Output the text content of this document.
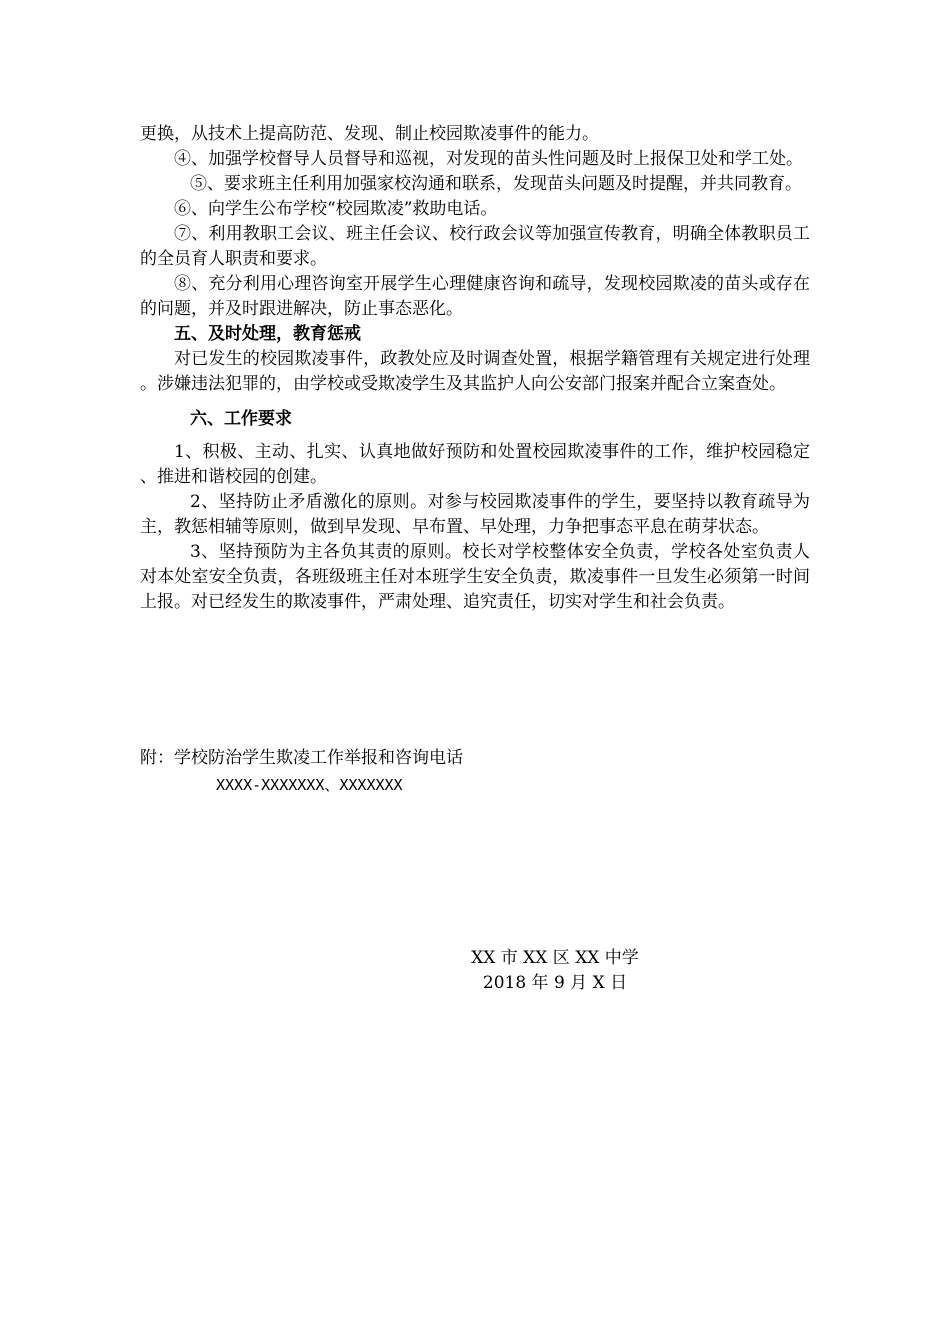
更换，从技术上提高防范、发现、制止校园欺凌事件的能力。

④、加强学校督导人员督导和巡视，对发现的苗头性问题及时上报保卫处和学工处。

⑤、要求班主任利用加强家校沟通和联系，发现苗头问题及时提醒，并共同教育。

⑥、向学生公布学校“校园欺凌”救助电话。

⑦、利用教职工会议、班主任会议、校行政会议等加强宣传教育，明确全体教职员工的全员育人职责和要求。

⑧、充分利用心理咨询室开展学生心理健康咨询和疏导，发现校园欺凌的苗头或存在的问题，并及时跟进解决，防止事态恶化。

五、及时处理，教育惩戒

对已发生的校园欺凌事件，政教处应及时调查处置，根据学籍管理有关规定进行处理。涉嫌违法犯罪的，由学校或受欺凌学生及其监护人向公安部门报案并配合立案查处。

六、工作要求

1、积极、主动、扎实、认真地做好预防和处置校园欺凌事件的工作，维护校园稳定、推进和谐校园的创建。

2、坚持防止矛盾激化的原则。对参与校园欺凌事件的学生，要坚持以教育疏导为主，教惩相辅等原则，做到早发现、早布置、早处理，力争把事态平息在萌芽状态。

3、坚持预防为主各负其责的原则。校长对学校整体安全负责，学校各处室负责人对本处室安全负责，各班级班主任对本班学生安全负责，欺凌事件一旦发生必须第一时间上报。对已经发生的欺凌事件，严肃处理、追究责任，切实对学生和社会负责。

附：学校防治学生欺凌工作举报和咨询电话

XXXX-XXXXXXX、XXXXXXX

XX 市 XX 区 XX 中学
2018 年 9 月 X 日
